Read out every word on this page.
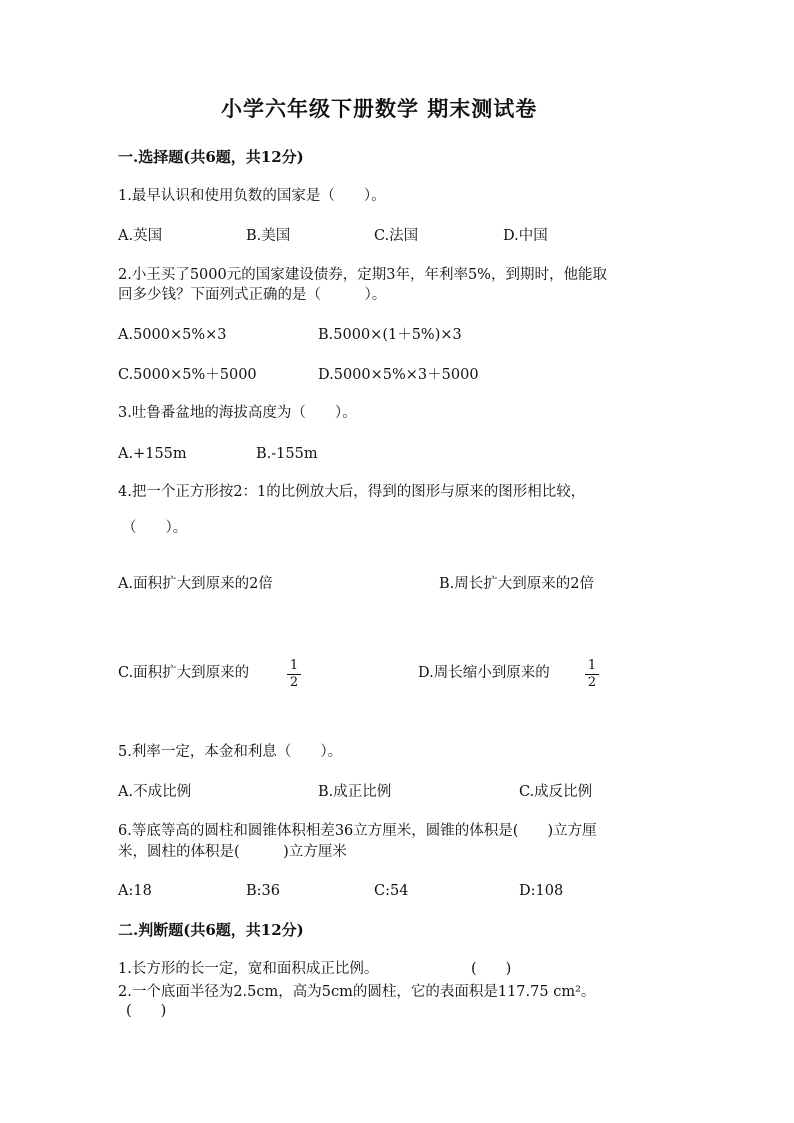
小学六年级下册数学 期末测试卷
一.选择题(共6题，共12分)
1.最早认识和使用负数的国家是（　　）。
A.英国	B.美国	C.法国	D.中国
2.小王买了5000元的国家建设债券，定期3年，年利率5%，到期时，他能取
回多少钱？下面列式正确的是（　　　）。
A.5000×5%×3	B.5000×(1＋5%)×3
C.5000×5%＋5000	D.5000×5%×3＋5000
3.吐鲁番盆地的海拔高度为（　　）。
A.+155m	B.-155m
4.把一个正方形按2：1的比例放大后，得到的图形与原来的图形相比较，
（　　）。
A.面积扩大到原来的2倍	B.周长扩大到原来的2倍
C.面积扩大到原来的	1
2
D.周长缩小到原来的	1
2
5.利率一定，本金和利息（　　）。
A.不成比例	B.成正比例	C.成反比例
6.等底等高的圆柱和圆锥体积相差36立方厘米，圆锥的体积是(　　)立方厘
米，圆柱的体积是(　　　)立方厘米
A:18	B:36	C:54	D:108
二.判断题(共6题，共12分)
1.长方形的长一定，宽和面积成正比例。	(　　)
2.一个底面半径为2.5cm，高为5cm的圆柱，它的表面积是117.75 cm²。
(　　)
